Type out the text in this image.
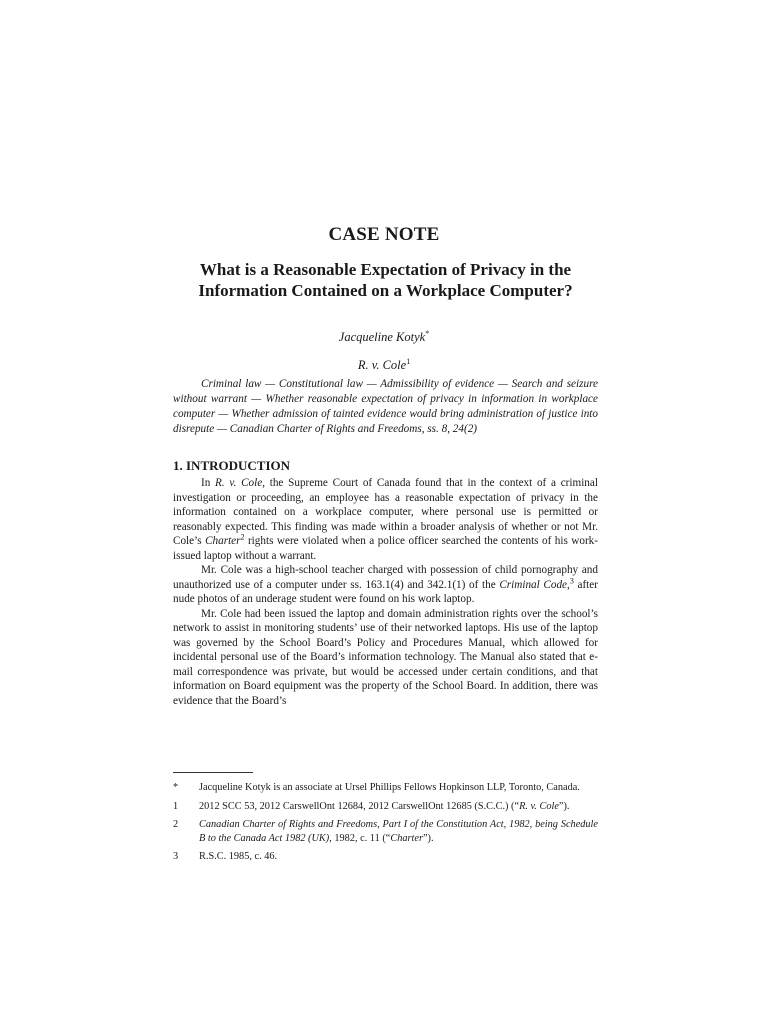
CASE NOTE
What is a Reasonable Expectation of Privacy in the Information Contained on a Workplace Computer?

Jacqueline Kotyk*

R. v. Cole$^1$

Criminal law — Constitutional law — Admissibility of evidence — Search and seizure without warrant — Whether reasonable expectation of privacy in information in workplace computer — Whether admission of tainted evidence would bring administration of justice into disrepute — Canadian Charter of Rights and Freedoms, ss. 8, 24(2)

1. INTRODUCTION

In R. v. Cole, the Supreme Court of Canada found that in the context of a criminal investigation or proceeding, an employee has a reasonable expectation of privacy in the information contained on a workplace computer, where personal use is permitted or reasonably expected. This finding was made within a broader analysis of whether or not Mr. Cole’s Charter$^2$ rights were violated when a police officer searched the contents of his work-issued laptop without a warrant.

Mr. Cole was a high-school teacher charged with possession of child pornography and unauthorized use of a computer under ss. 163.1(4) and 342.1(1) of the Criminal Code,$^3$ after nude photos of an underage student were found on his work laptop.

Mr. Cole had been issued the laptop and domain administration rights over the school’s network to assist in monitoring students’ use of their networked laptops. His use of the laptop was governed by the School Board’s Policy and Procedures Manual, which allowed for incidental personal use of the Board’s information technology. The Manual also stated that e-mail correspondence was private, but would be accessed under certain conditions, and that information on Board equipment was the property of the School Board. In addition, there was evidence that the Board’s

*	Jacqueline Kotyk is an associate at Ursel Phillips Fellows Hopkinson LLP, Toronto, Canada.
1	2012 SCC 53, 2012 CarswellOnt 12684, 2012 CarswellOnt 12685 (S.C.C.) (“R. v. Cole”).
2	Canadian Charter of Rights and Freedoms, Part I of the Constitution Act, 1982, being Schedule B to the Canada Act 1982 (UK), 1982, c. 11 (“Charter”).
3	R.S.C. 1985, c. 46.
